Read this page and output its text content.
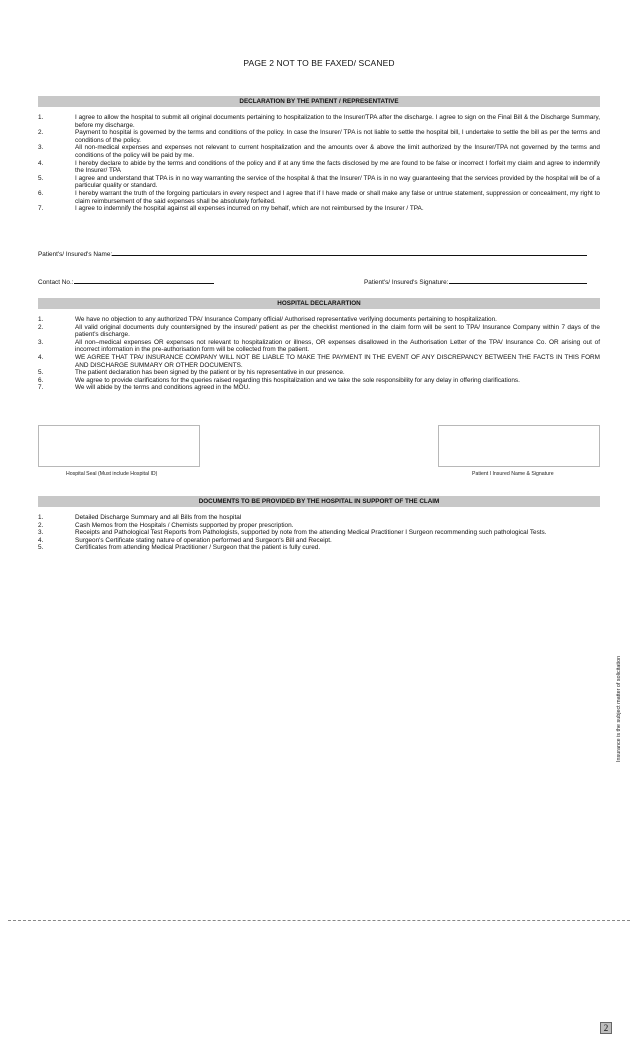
PAGE 2 NOT TO BE FAXED/ SCANED
DECLARATION BY THE PATIENT / REPRESENTATIVE
1.	I agree to allow the hospital to submit all original documents pertaining to hospitalization to the Insurer/TPA after the discharge. I agree to sign on the Final Bill & the Discharge Summary, before my discharge.
2.	Payment to hospital is governed by the terms and conditions of the policy. In case the Insurer/ TPA is not liable to settle the hospital bill, I undertake to settle the bill as per the terms and conditions of the policy.
3.	All non-medical expenses and expenses not relevant to current hospitalization and the amounts over & above the limit authorized by the Insurer/TPA not governed by the terms and conditions of the policy will be paid by me.
4.	I hereby declare to abide by the terms and conditions of the policy and if at any time the facts disclosed by me are found to be false or incorrect I forfeit my claim and agree to indemnify the Insurer/ TPA
5.	I agree and understand that TPA is in no way warranting the service of the hospital & that the Insurer/ TPA is in no way guaranteeing that the services provided by the hospital will be of a particular quality or standard.
6.	I hereby warrant the truth of the forgoing particulars in every respect and I agree that if I have made or shall make any false or untrue statement, suppression or concealment, my right to claim reimbursement of the said expenses shall be absolutely forfeited.
7.	I agree to indemnify the hospital against all expenses incurred on my behalf, which are not reimbursed by the Insurer / TPA.
Patient's/ Insured's Name:
Contact No.:	Patient's/ Insured's Signature:
HOSPITAL DECLARARTION
1.	We have no objection to any authorized TPA/ Insurance Company official/ Authorised representative verifying documents pertaining to hospitalization.
2.	All valid original documents duly countersigned by the insured/ patient as per the checklist mentioned in the claim form will be sent to TPA/ Insurance Company within 7 days of the patient's discharge.
3.	All non–medical expenses OR expenses not relevant to hospitalization or illness, OR expenses disallowed in the Authorisation Letter of the TPA/ Insurance Co. OR arising out of incorrect information in the pre-authorisation form will be collected from the patient.
4.	WE AGREE THAT TPA/ INSURANCE COMPANY WILL NOT BE LIABLE TO MAKE THE PAYMENT IN THE EVENT OF ANY DISCREPANCY BETWEEN THE FACTS IN THIS FORM AND DISCHARGE SUMMARY OR OTHER DOCUMENTS.
5.	The patient declaration has been signed by the patient or by his representative in our presence.
6.	We agree to provide clarifications for the queries raised regarding this hospitalization and we take the sole responsibility for any delay in offering clarifications.
7.	We will abide by the terms and conditions agreed in the MOU.
Hospital Seal (Must include Hospital ID)	Patient I Insured Name & Signature
DOCUMENTS TO BE PROVIDED BY THE HOSPITAL IN SUPPORT OF THE CLAIM
1.	Detailed Discharge Summary and all Bills from the hospital
2.	Cash Memos from the Hospitals / Chemists supported by proper prescription.
3.	Receipts and Pathological Test Reports from Pathologists, supported by note from the attending Medical Practitioner I Surgeon recommending such pathological Tests.
4.	Surgeon's Certificate stating nature of operation performed and Surgeon's Bill and Receipt.
5.	Certificates from attending Medical Practitioner / Surgeon that the patient is fully cured.
Insurance is the subject matter of solicitation
2
